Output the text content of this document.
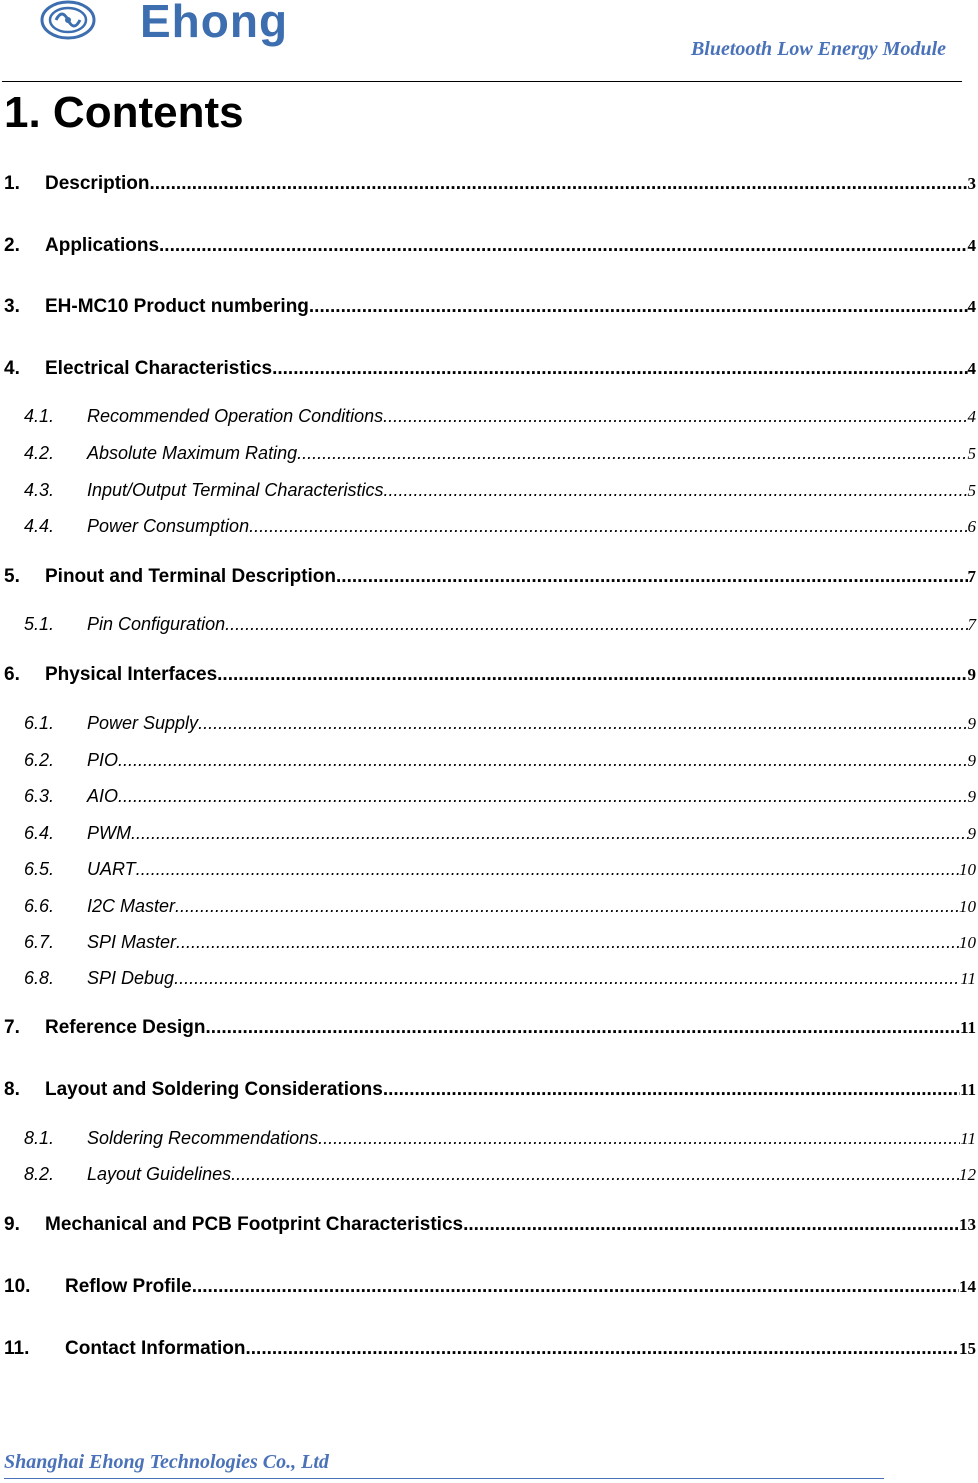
Ehong
Bluetooth Low Energy Module
1. Contents
1.	Description .....	3
2.	Applications .....	4
3.	EH-MC10 Product numbering .....	4
4.	Electrical Characteristics .....	4
4.1.	Recommended Operation Conditions .....	4
4.2.	Absolute Maximum Rating .....	5
4.3.	Input/Output Terminal Characteristics .....	5
4.4.	Power Consumption .....	6
5.	Pinout and Terminal Description .....	7
5.1.	Pin Configuration .....	7
6.	Physical Interfaces .....	9
6.1.	Power Supply .....	9
6.2.	PIO .....	9
6.3.	AIO .....	9
6.4.	PWM .....	9
6.5.	UART .....	10
6.6.	I2C Master .....	10
6.7.	SPI Master .....	10
6.8.	SPI Debug .....	11
7.	Reference Design .....	11
8.	Layout and Soldering Considerations .....	11
8.1.	Soldering Recommendations .....	11
8.2.	Layout Guidelines .....	12
9.	Mechanical and PCB Footprint Characteristics .....	13
10.	Reflow Profile .....	14
11.	Contact Information .....	15
Shanghai Ehong Technologies Co., Ltd
